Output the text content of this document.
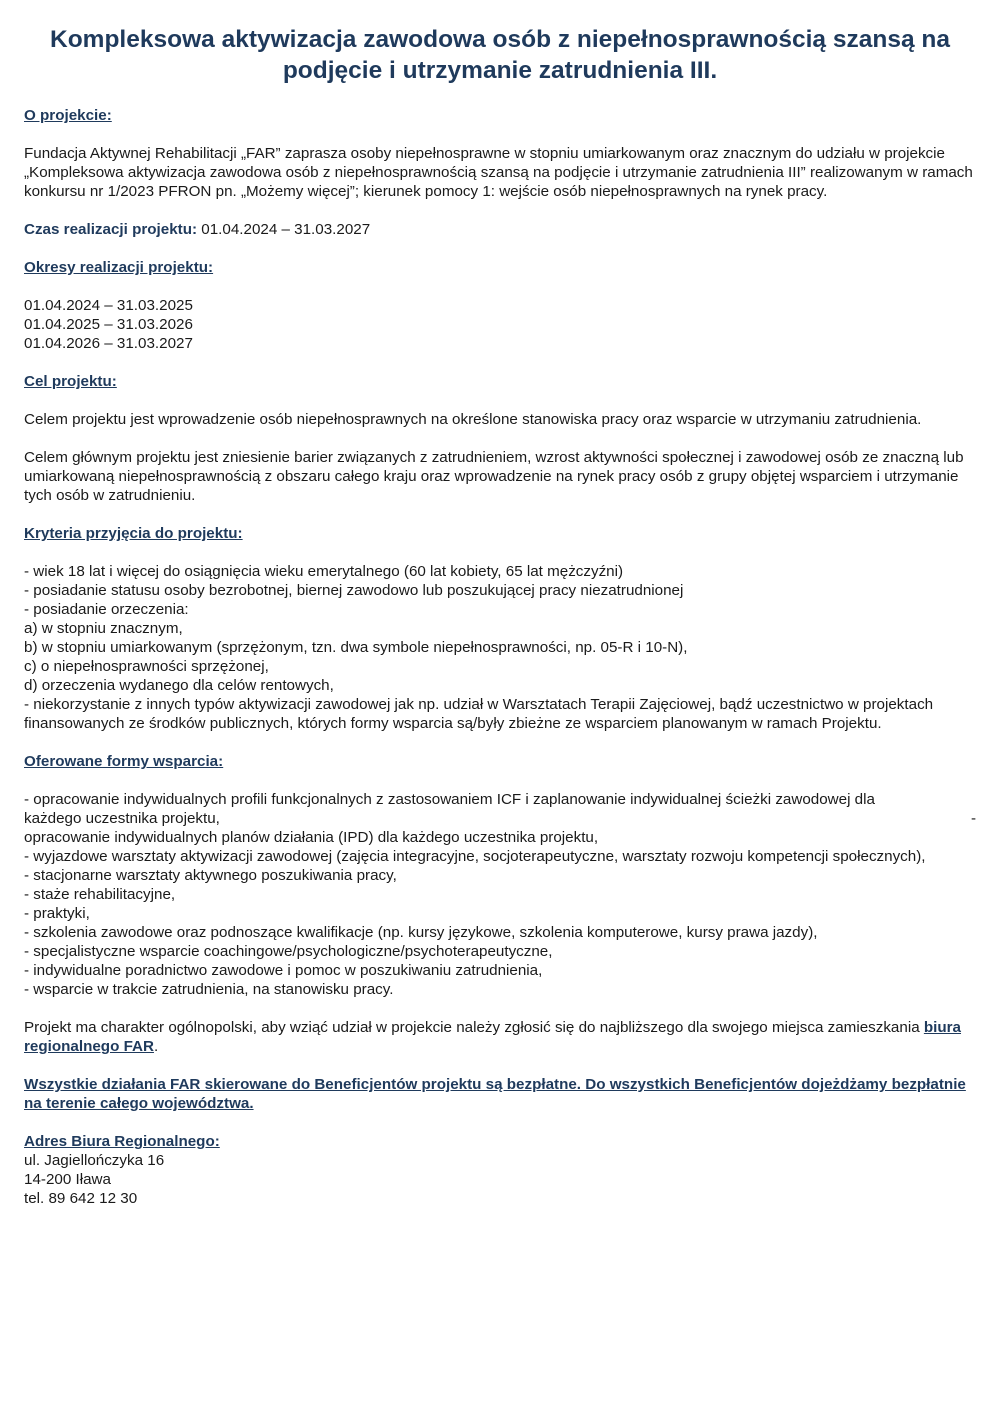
Kompleksowa aktywizacja zawodowa osób z niepełnosprawnością szansą na podjęcie i utrzymanie zatrudnienia III.
O projekcie:
Fundacja Aktywnej Rehabilitacji „FAR” zaprasza osoby niepełnosprawne w stopniu umiarkowanym oraz znacznym do udziału w projekcie „Kompleksowa aktywizacja zawodowa osób z niepełnosprawnością szansą na podjęcie i utrzymanie zatrudnienia III” realizowanym w ramach konkursu nr 1/2023 PFRON pn. „Możemy więcej”; kierunek pomocy 1: wejście osób niepełnosprawnych na rynek pracy.
Czas realizacji projektu: 01.04.2024 – 31.03.2027
Okresy realizacji projektu:
01.04.2024 – 31.03.2025
01.04.2025 – 31.03.2026
01.04.2026 – 31.03.2027
Cel projektu:
Celem projektu jest wprowadzenie osób niepełnosprawnych na określone stanowiska pracy oraz wsparcie w utrzymaniu zatrudnienia.
Celem głównym projektu jest zniesienie barier związanych z zatrudnieniem, wzrost aktywności społecznej i zawodowej osób ze znaczną lub umiarkowaną niepełnosprawnością z obszaru całego kraju oraz wprowadzenie na rynek pracy osób z grupy objętej wsparciem i utrzymanie tych osób w zatrudnieniu.
Kryteria przyjęcia do projektu:
- wiek 18 lat i więcej do osiągnięcia wieku emerytalnego (60 lat kobiety, 65 lat mężczyźni)
- posiadanie statusu osoby bezrobotnej, biernej zawodowo lub poszukującej pracy niezatrudnionej
- posiadanie orzeczenia:
a) w stopniu znacznym,
b) w stopniu umiarkowanym (sprzężonym, tzn. dwa symbole niepełnosprawności, np. 05-R i 10-N),
c) o niepełnosprawności sprzężonej,
d) orzeczenia wydanego dla celów rentowych,
- niekorzystanie z innych typów aktywizacji zawodowej jak np. udział w Warsztatach Terapii Zajęciowej, bądź uczestnictwo w projektach finansowanych ze środków publicznych, których formy wsparcia są/były zbieżne ze wsparciem planowanym w ramach Projektu.
Oferowane formy wsparcia:
- opracowanie indywidualnych profili funkcjonalnych z zastosowaniem ICF i zaplanowanie indywidualnej ścieżki zawodowej dla
każdego uczestnika projektu,	-
opracowanie indywidualnych planów działania (IPD) dla każdego uczestnika projektu,
- wyjazdowe warsztaty aktywizacji zawodowej (zajęcia integracyjne, socjoterapeutyczne, warsztaty rozwoju kompetencji społecznych),
- stacjonarne warsztaty aktywnego poszukiwania pracy,
- staże rehabilitacyjne,
- praktyki,
- szkolenia zawodowe oraz podnoszące kwalifikacje (np. kursy językowe, szkolenia komputerowe, kursy prawa jazdy),
- specjalistyczne wsparcie coachingowe/psychologiczne/psychoterapeutyczne,
- indywidualne poradnictwo zawodowe i pomoc w poszukiwaniu zatrudnienia,
- wsparcie w trakcie zatrudnienia, na stanowisku pracy.
Projekt ma charakter ogólnopolski, aby wziąć udział w projekcie należy zgłosić się do najbliższego dla swojego miejsca zamieszkania biura regionalnego FAR.
Wszystkie działania FAR skierowane do Beneficjentów projektu są bezpłatne. Do wszystkich Beneficjentów dojeżdżamy bezpłatnie na terenie całego województwa.
Adres Biura Regionalnego:
ul. Jagiellończyka 16
14-200 Iława
tel. 89 642 12 30
